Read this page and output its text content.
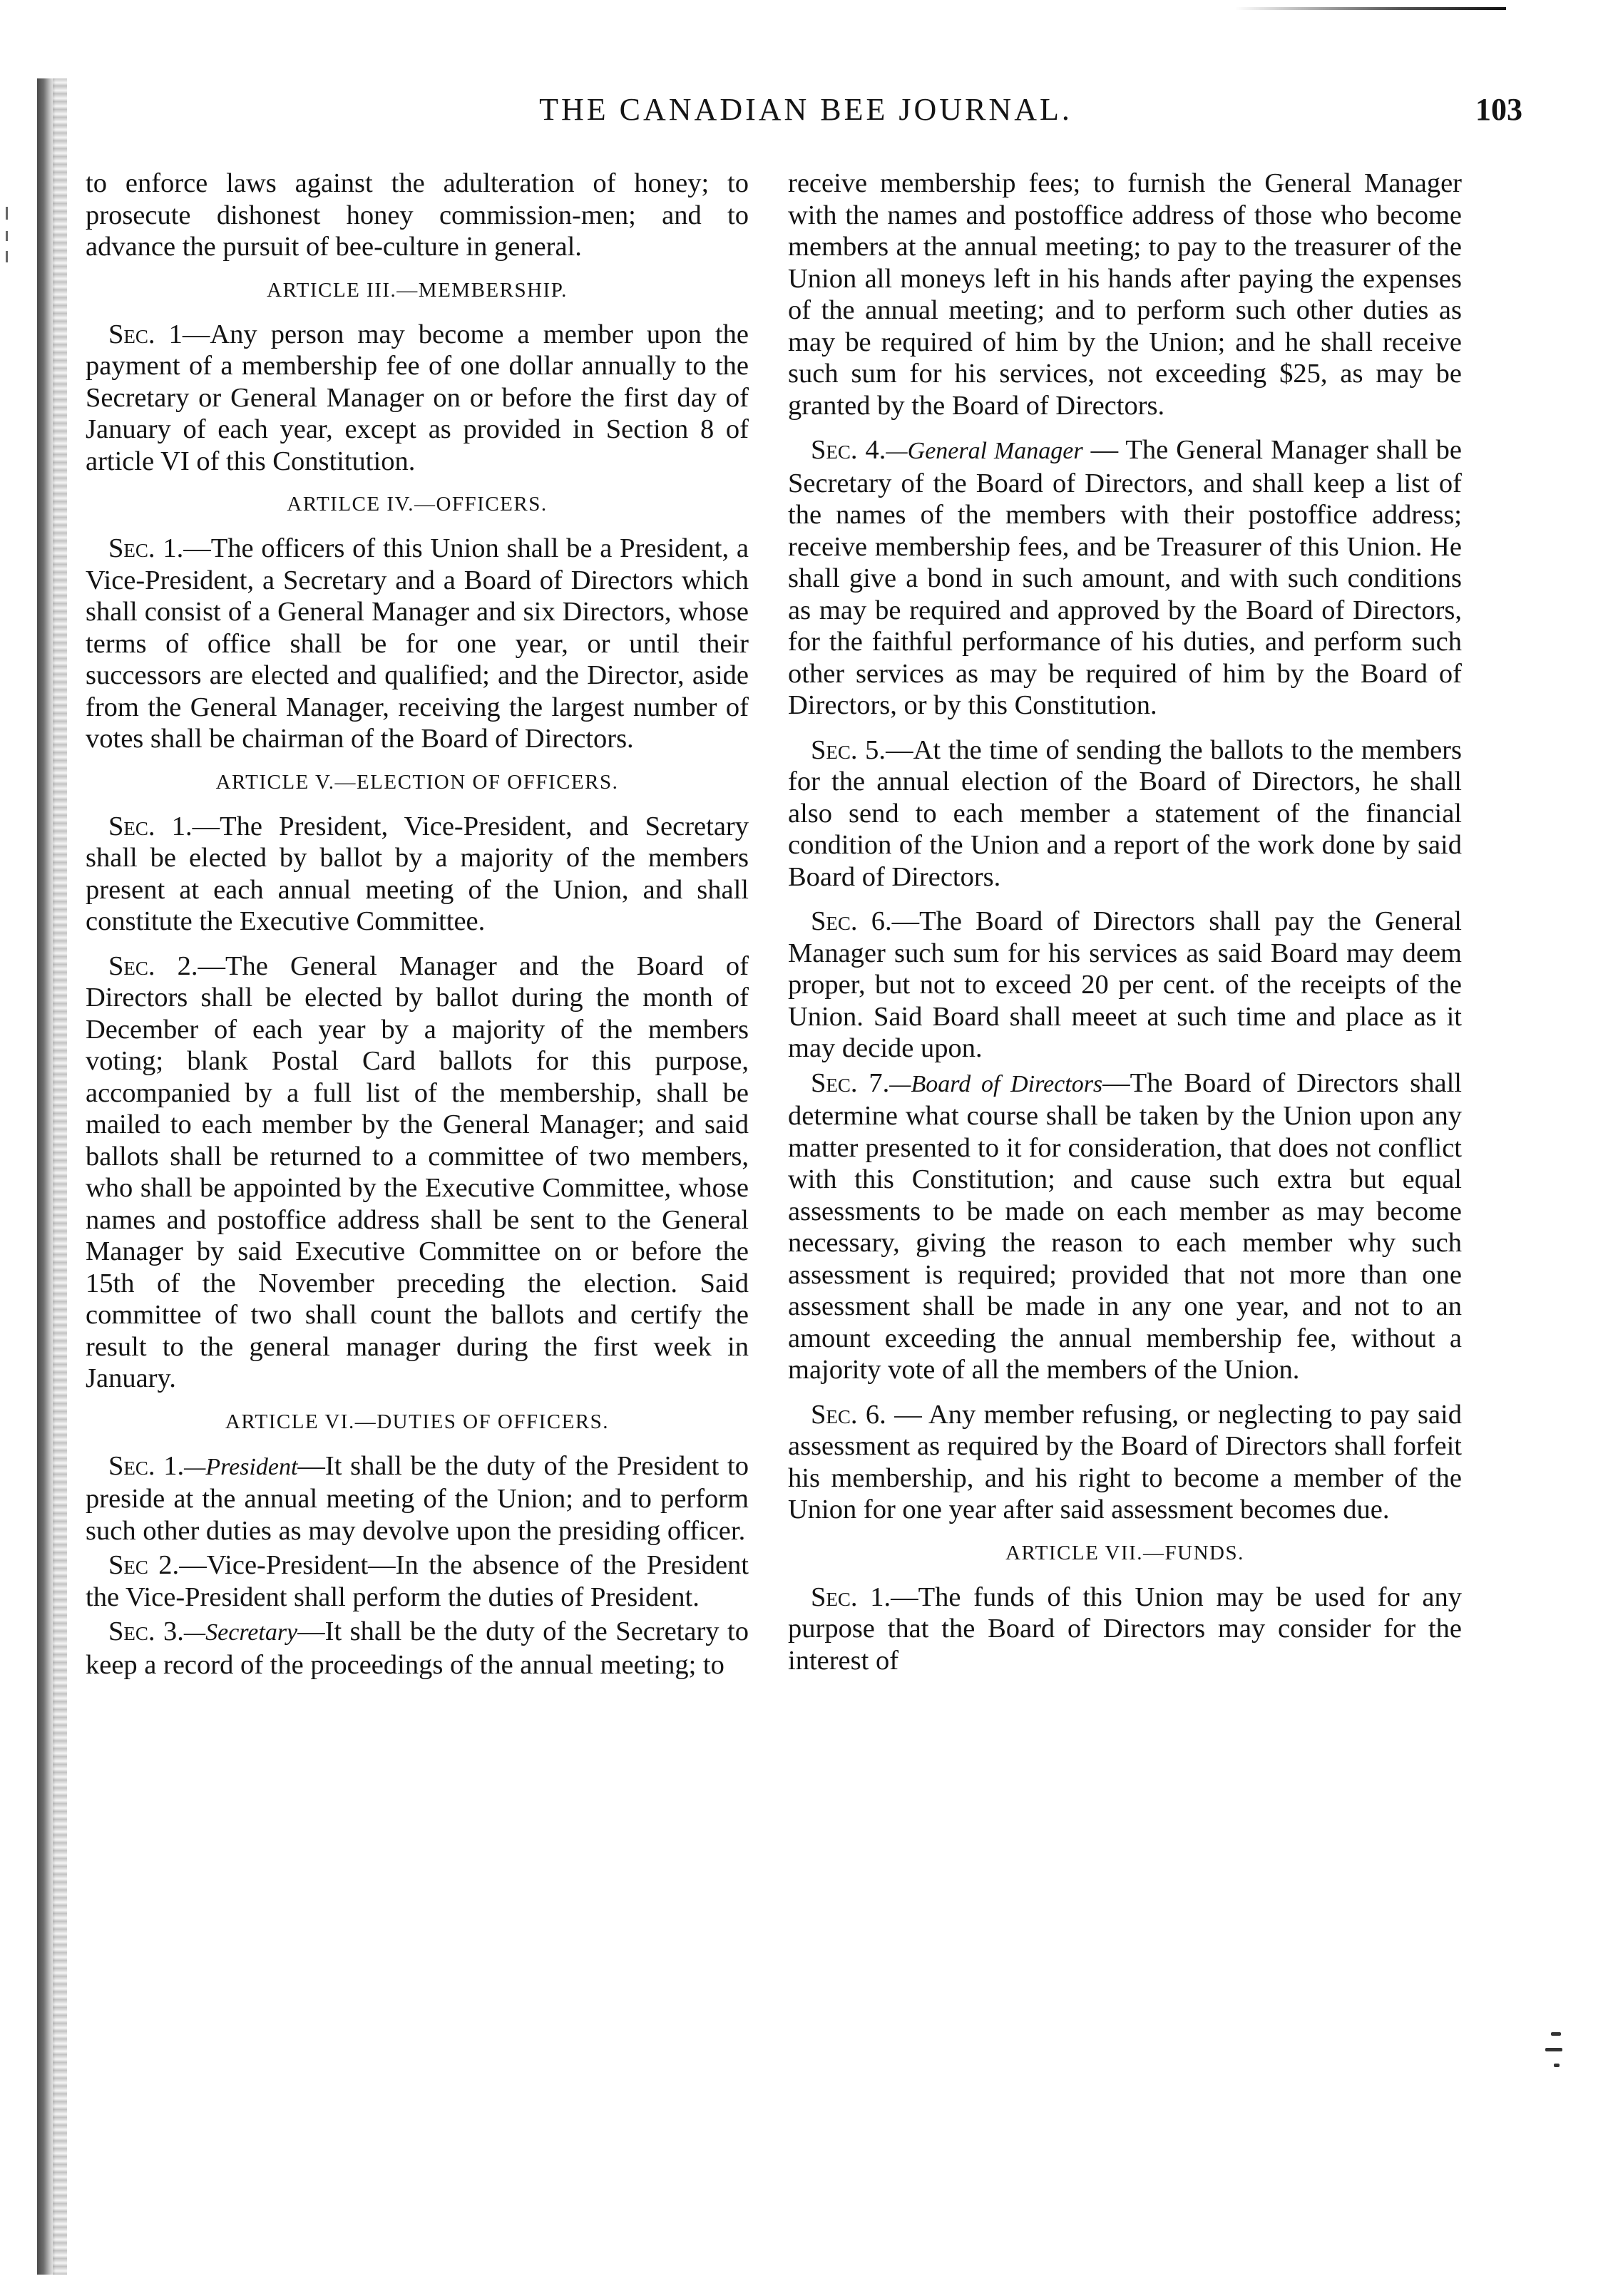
THE CANADIAN BEE JOURNAL.	103

to enforce laws against the adulteration of honey; to prosecute dishonest honey commission-men; and to advance the pursuit of bee-culture in general.

ARTICLE III.—MEMBERSHIP.

Sec. 1—Any person may become a member upon the payment of a membership fee of one dollar annually to the Secretary or General Manager on or before the first day of January of each year, except as provided in Section 8 of article VI of this Constitution.

ARTILCE IV.—OFFICERS.

Sec. 1.—The officers of this Union shall be a President, a Vice-President, a Secretary and a Board of Directors which shall consist of a General Manager and six Directors, whose terms of office shall be for one year, or until their successors are elected and qualified; and the Director, aside from the General Manager, receiving the largest number of votes shall be chairman of the Board of Directors.

ARTICLE V.—ELECTION OF OFFICERS.

Sec. 1.—The President, Vice-President, and Secretary shall be elected by ballot by a majority of the members present at each annual meeting of the Union, and shall constitute the Executive Committee.

Sec. 2.—The General Manager and the Board of Directors shall be elected by ballot during the month of December of each year by a majority of the members voting; blank Postal Card ballots for this purpose, accompanied by a full list of the membership, shall be mailed to each member by the General Manager; and said ballots shall be returned to a committee of two members, who shall be appointed by the Executive Committee, whose names and postoffice address shall be sent to the General Manager by said Executive Committee on or before the 15th of the November preceding the election. Said committee of two shall count the ballots and certify the result to the general manager during the first week in January.

ARTICLE VI.—DUTIES OF OFFICERS.

Sec. 1.—President—It shall be the duty of the President to preside at the annual meeting of the Union; and to perform such other duties as may devolve upon the presiding officer.

Sec 2.—Vice-President—In the absence of the President the Vice-President shall perform the duties of President.

Sec. 3.—Secretary—It shall be the duty of the Secretary to keep a record of the proceedings of the annual meeting; to

receive membership fees; to furnish the General Manager with the names and postoffice address of those who become members at the annual meeting; to pay to the treasurer of the Union all moneys left in his hands after paying the expenses of the annual meeting; and to perform such other duties as may be required of him by the Union; and he shall receive such sum for his services, not exceeding $25, as may be granted by the Board of Directors.

Sec. 4.—General Manager — The General Manager shall be Secretary of the Board of Directors, and shall keep a list of the names of the members with their postoffice address; receive membership fees, and be Treasurer of this Union. He shall give a bond in such amount, and with such conditions as may be required and approved by the Board of Directors, for the faithful performance of his duties, and perform such other services as may be required of him by the Board of Directors, or by this Constitution.

Sec. 5.—At the time of sending the ballots to the members for the annual election of the Board of Directors, he shall also send to each member a statement of the financial condition of the Union and a report of the work done by said Board of Directors.

Sec. 6.—The Board of Directors shall pay the General Manager such sum for his services as said Board may deem proper, but not to exceed 20 per cent. of the receipts of the Union. Said Board shall meeet at such time and place as it may decide upon.

Sec. 7.—Board of Directors—The Board of Directors shall determine what course shall be taken by the Union upon any matter presented to it for consideration, that does not conflict with this Constitution; and cause such extra but equal assessments to be made on each member as may become necessary, giving the reason to each member why such assessment is required; provided that not more than one assessment shall be made in any one year, and not to an amount exceeding the annual membership fee, without a majority vote of all the members of the Union.

Sec. 6. — Any member refusing, or neglecting to pay said assessment as required by the Board of Directors shall forfeit his membership, and his right to become a member of the Union for one year after said assessment becomes due.

ARTICLE VII.—FUNDS.

Sec. 1.—The funds of this Union may be used for any purpose that the Board of Directors may consider for the interest of
